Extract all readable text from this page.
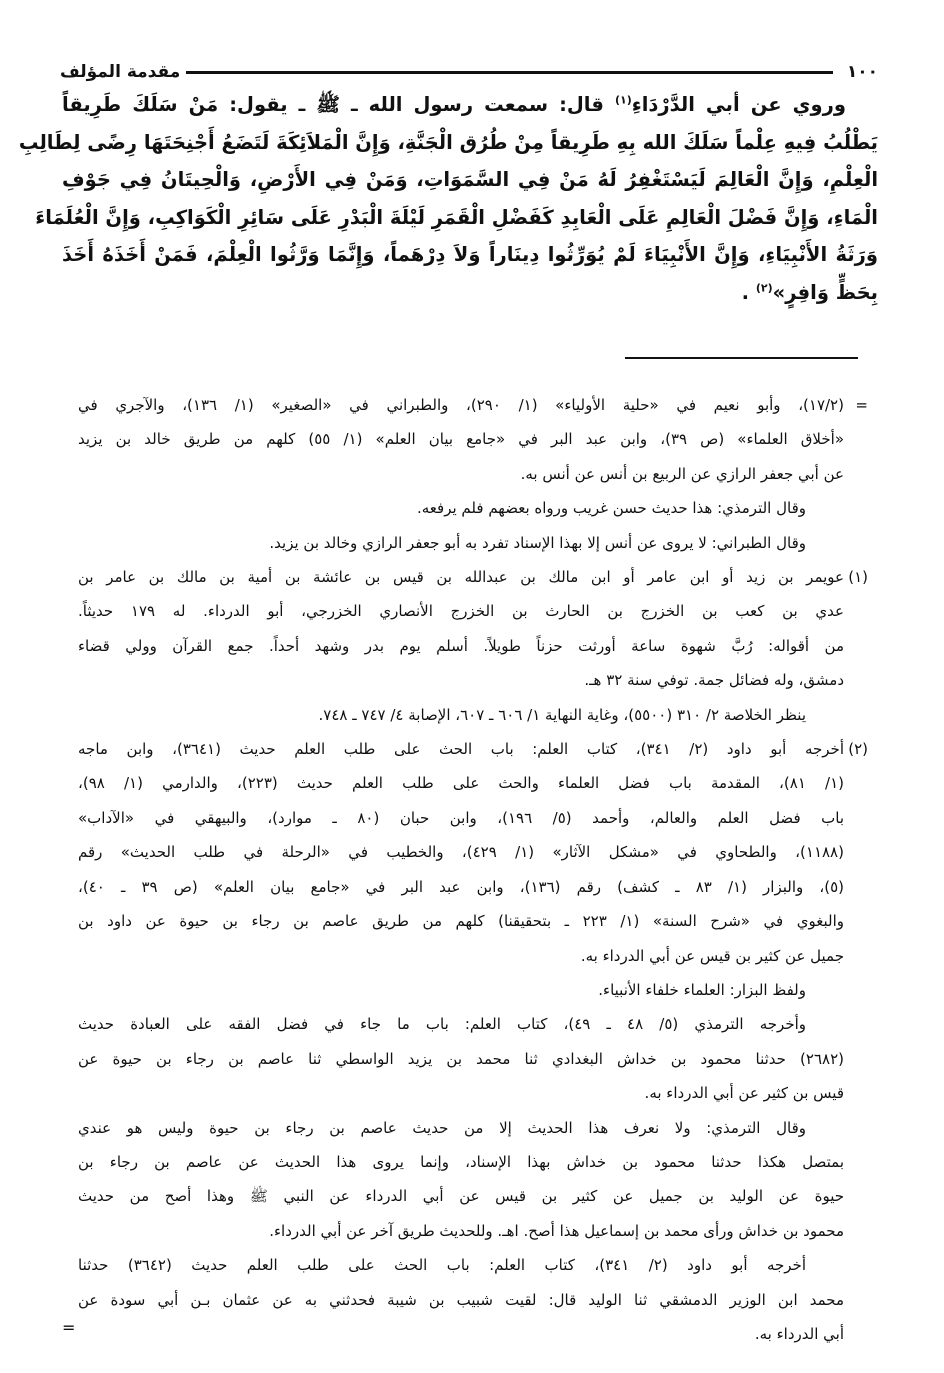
١٠٠
مقدمة المؤلف
وروي عن أبي الدَّرْدَاءِ$^{(١)}$ قال: سمعت رسول الله ـ ﷺ ـ يقول: مَنْ سَلَكَ طَرِيقاً
يَطْلُبُ فِيهِ عِلْماً سَلَكَ الله بِهِ طَرِيقاً مِنْ طُرُق الْجَنَّةِ، وَإِنَّ الْمَلاَئِكَةَ لَتَضَعُ أَجْنِحَتَهَا رِضًى لِطَالِبِ
الْعِلْمِ، وَإِنَّ الْعَالِمَ لَيَسْتَغْفِرُ لَهُ مَنْ فِي السَّمَوَاتِ، وَمَنْ فِي الأَرْضِ، وَالْحِيتَانُ فِي جَوْفِ
الْمَاءِ، وَإِنَّ فَضْلَ الْعَالِمِ عَلَى الْعَابِدِ كَفَضْلِ الْقَمَرِ لَيْلَةَ الْبَدْرِ عَلَى سَائِرِ الْكَوَاكِبِ، وَإِنَّ الْعُلَمَاءَ
وَرَثَةُ الأَنْبِيَاءِ، وَإِنَّ الأَنْبِيَاءَ لَمْ يُوَرِّثُوا دِينَاراً وَلاَ دِرْهَماً، وَإِنَّمَا وَرَّثُوا الْعِلْمَ، فَمَنْ أَخَذَهُ أَخَذَ
بِحَظٍّ وَافِرٍ»$^{(٢)}$ .
=
(١٧/٢)، وأبو نعيم في «حلية الأولياء» (١/ ٢٩٠)، والطبراني في «الصغير» (١/ ١٣٦)، والآجري في
«أخلاق العلماء» (ص ٣٩)، وابن عبد البر في «جامع بيان العلم» (١/ ٥٥) كلهم من طريق خالد بن يزيد
عن أبي جعفر الرازي عن الربيع بن أنس عن أنس به.
وقال الترمذي: هذا حديث حسن غريب ورواه بعضهم فلم يرفعه.
وقال الطبراني: لا يروى عن أنس إلا بهذا الإسناد تفرد به أبو جعفر الرازي وخالد بن يزيد.
(١)
عويمر بن زيد أو ابن عامر أو ابن مالك بن عبدالله بن قيس بن عائشة بن أمية بن مالك بن عامر بن
عدي بن كعب بن الخزرج بن الحارث بن الخزرج الأنصاري الخزرجي، أبو الدرداء. له ١٧٩ حديثاً.
من أقواله: رُبَّ شهوة ساعة أورثت حزناً طويلاً. أسلم يوم بدر وشهد أحداً. جمع القرآن وولي قضاء
دمشق، وله فضائل جمة. توفي سنة ٣٢ هـ.
ينظر الخلاصة ٢/ ٣١٠ (٥٥٠٠)، وغاية النهاية ١/ ٦٠٦ ـ ٦٠٧، الإصابة ٤/ ٧٤٧ ـ ٧٤٨.
(٢)
أخرجه أبو داود (٢/ ٣٤١)، كتاب العلم: باب الحث على طلب العلم حديث (٣٦٤١)، وابن ماجه
(١/ ٨١)، المقدمة باب فضل العلماء والحث على طلب العلم حديث (٢٢٣)، والدارمي (١/ ٩٨)،
باب فضل العلم والعالم، وأحمد (٥/ ١٩٦)، وابن حبان (٨٠ ـ موارد)، والبيهقي في «الآداب»
(١١٨٨)، والطحاوي في «مشكل الآثار» (١/ ٤٢٩)، والخطيب في «الرحلة في طلب الحديث» رقم
(٥)، والبزار (١/ ٨٣ ـ كشف) رقم (١٣٦)، وابن عبد البر في «جامع بيان العلم» (ص ٣٩ ـ ٤٠)،
والبغوي في «شرح السنة» (١/ ٢٢٣ ـ بتحقيقنا) كلهم من طريق عاصم بن رجاء بن حيوة عن داود بن
جميل عن كثير بن قيس عن أبي الدرداء به.
ولفظ البزار: العلماء خلفاء الأنبياء.
وأخرجه الترمذي (٥/ ٤٨ ـ ٤٩)، كتاب العلم: باب ما جاء في فضل الفقه على العبادة حديث
(٢٦٨٢) حدثنا محمود بن خداش البغدادي ثنا محمد بن يزيد الواسطي ثنا عاصم بن رجاء بن حيوة عن
قيس بن كثير عن أبي الدرداء به.
وقال الترمذي: ولا نعرف هذا الحديث إلا من حديث عاصم بن رجاء بن حيوة وليس هو عندي
بمتصل هكذا حدثنا محمود بن خداش بهذا الإسناد، وإنما يروى هذا الحديث عن عاصم بن رجاء بن
حيوة عن الوليد بن جميل عن كثير بن قيس عن أبي الدرداء عن النبي ﷺ وهذا أصح من حديث
محمود بن خداش ورأى محمد بن إسماعيل هذا أصح. اهـ. وللحديث طريق آخر عن أبي الدرداء.
أخرجه أبو داود (٢/ ٣٤١)، كتاب العلم: باب الحث على طلب العلم حديث (٣٦٤٢) حدثنا
محمد ابن الوزير الدمشقي ثنا الوليد قال: لقيت شبيب بن شيبة فحدثني به عن عثمان بـن أبي سودة عن
أبي الدرداء به.
=
